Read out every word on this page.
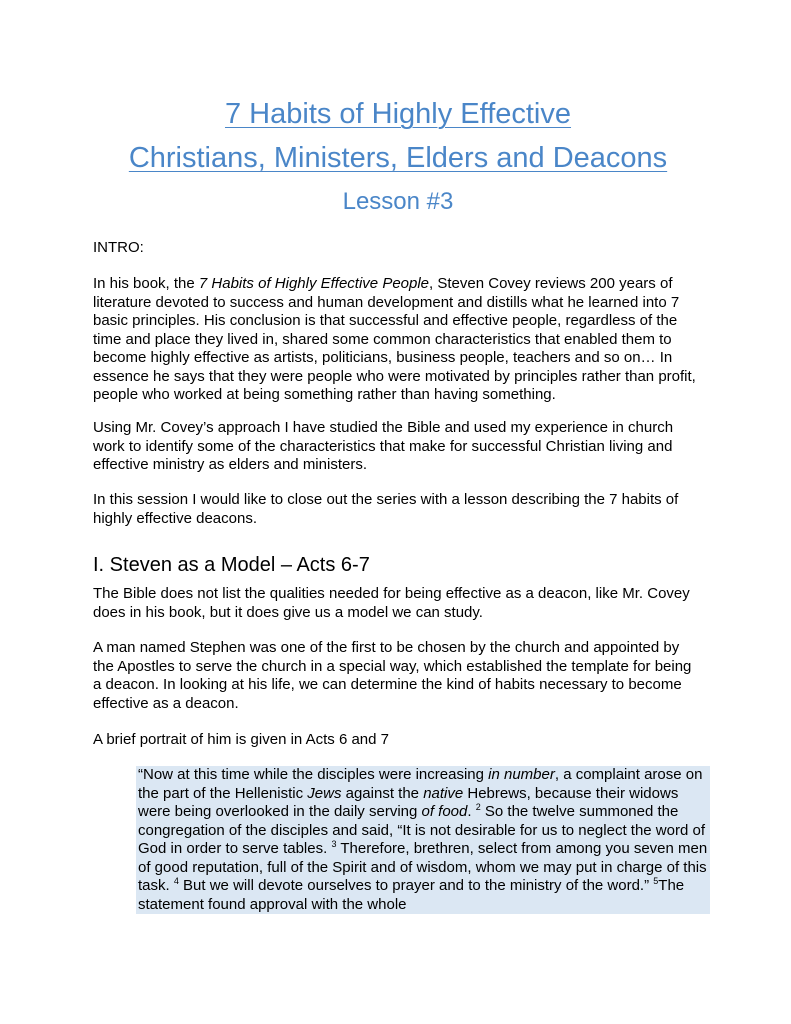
7 Habits of Highly Effective
Christians, Ministers, Elders and Deacons
Lesson #3

INTRO:

In his book, the 7 Habits of Highly Effective People, Steven Covey reviews 200 years of literature devoted to success and human development and distills what he learned into 7 basic principles. His conclusion is that successful and effective people, regardless of the time and place they lived in, shared some common characteristics that enabled them to become highly effective as artists, politicians, business people, teachers and so on… In essence he says that they were people who were motivated by principles rather than profit, people who worked at being something rather than having something.

Using Mr. Covey’s approach I have studied the Bible and used my experience in church work to identify some of the characteristics that make for successful Christian living and effective ministry as elders and ministers.

In this session I would like to close out the series with a lesson describing the 7 habits of highly effective deacons.

I. Steven as a Model – Acts 6-7

The Bible does not list the qualities needed for being effective as a deacon, like Mr. Covey does in his book, but it does give us a model we can study.

A man named Stephen was one of the first to be chosen by the church and appointed by the Apostles to serve the church in a special way, which established the template for being a deacon. In looking at his life, we can determine the kind of habits necessary to become effective as a deacon.

A brief portrait of him is given in Acts 6 and 7

“Now at this time while the disciples were increasing in number, a complaint arose on the part of the Hellenistic Jews against the native Hebrews, because their widows were being overlooked in the daily serving of food. $^2$ So the twelve summoned the congregation of the disciples and said, “It is not desirable for us to neglect the word of God in order to serve tables. $^3$ Therefore, brethren, select from among you seven men of good reputation, full of the Spirit and of wisdom, whom we may put in charge of this task. $^4$ But we will devote ourselves to prayer and to the ministry of the word.” $^5$The statement found approval with the whole
